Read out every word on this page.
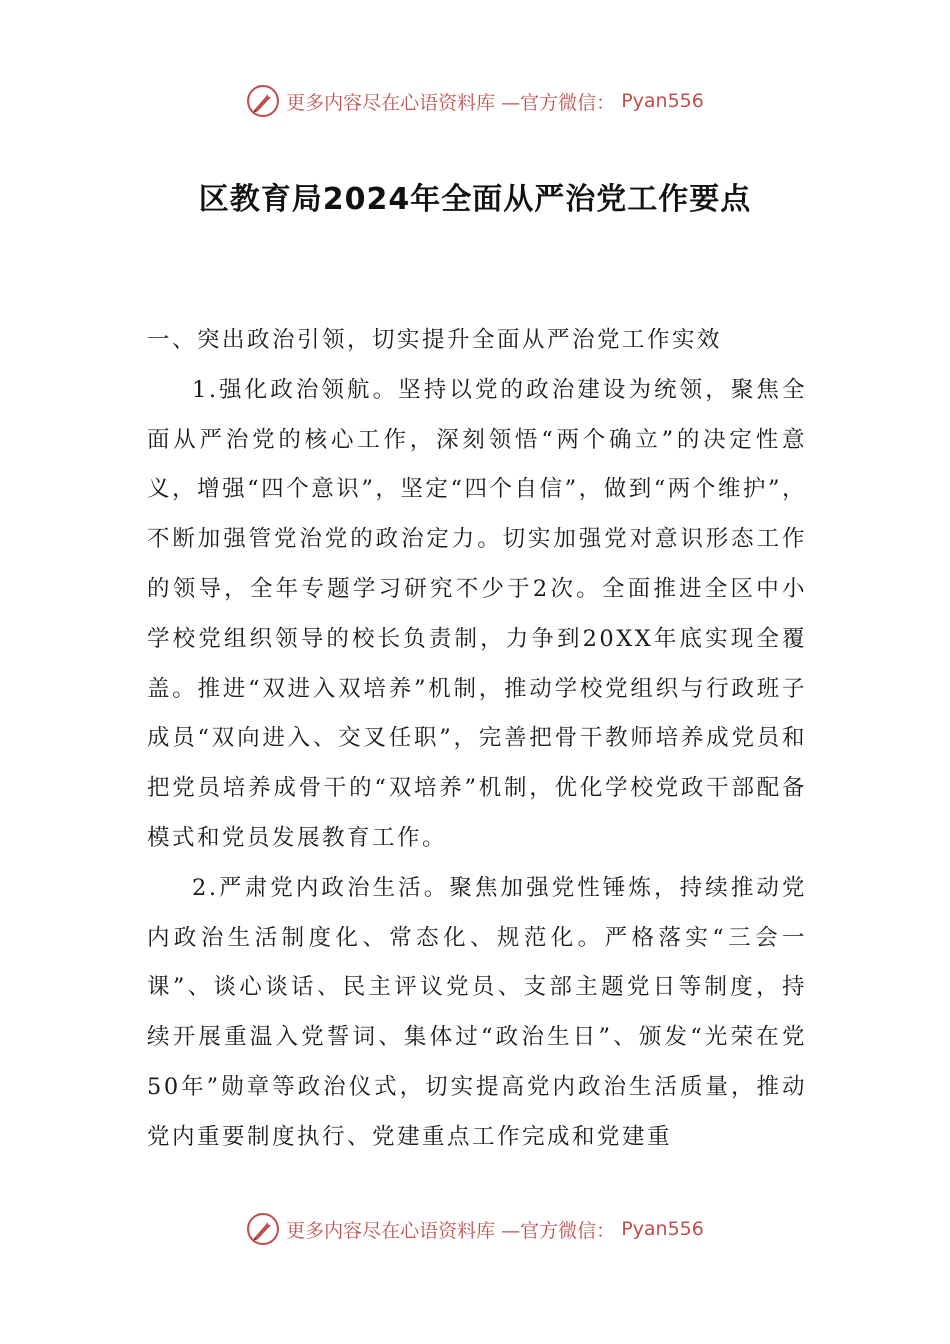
更多内容尽在心语资料库 —官方微信： Pyan556
区教育局2024年全面从严治党工作要点

一、突出政治引领，切实提升全面从严治党工作实效

1.强化政治领航。坚持以党的政治建设为统领，聚焦全面从严治党的核心工作，深刻领悟“两个确立”的决定性意义，增强“四个意识”，坚定“四个自信”，做到“两个维护”，不断加强管党治党的政治定力。切实加强党对意识形态工作的领导，全年专题学习研究不少于2次。全面推进全区中小学校党组织领导的校长负责制，力争到20XX年底实现全覆盖。推进“双进入双培养”机制，推动学校党组织与行政班子成员“双向进入、交叉任职”，完善把骨干教师培养成党员和把党员培养成骨干的“双培养”机制，优化学校党政干部配备模式和党员发展教育工作。

2.严肃党内政治生活。聚焦加强党性锤炼，持续推动党内政治生活制度化、常态化、规范化。严格落实“三会一课”、谈心谈话、民主评议党员、支部主题党日等制度，持续开展重温入党誓词、集体过“政治生日”、颁发“光荣在党50年”勋章等政治仪式，切实提高党内政治生活质量，推动党内重要制度执行、党建重点工作完成和党建重

更多内容尽在心语资料库 —官方微信： Pyan556
